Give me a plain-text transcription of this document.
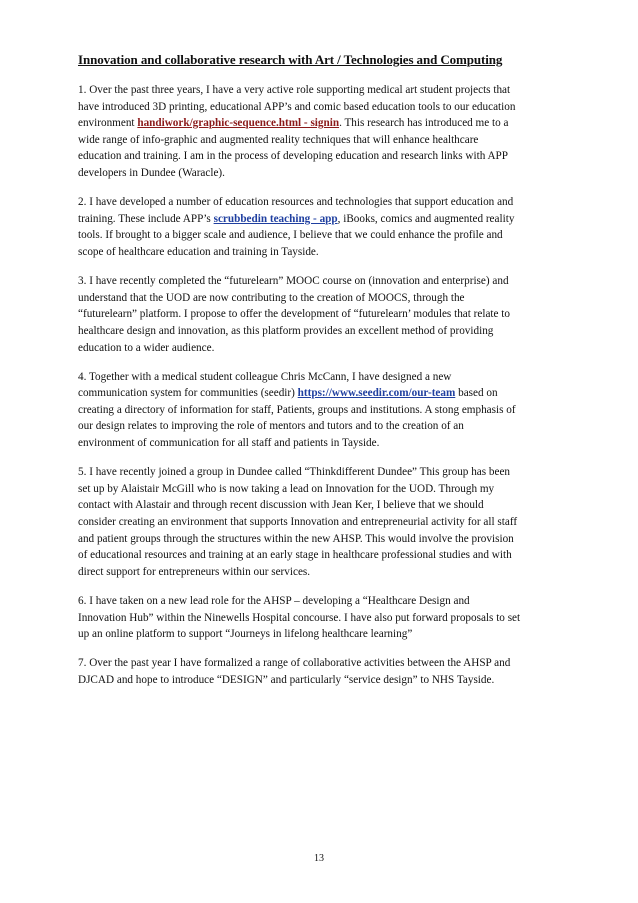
Innovation and collaborative research with Art / Technologies and Computing
1. Over the past three years, I have a very active role supporting medical art student projects that
have introduced 3D printing, educational APP’s and comic based education tools to our education
environment handiwork/graphic-sequence.html - signin. This research has introduced me to a
wide range of info-graphic and augmented reality techniques that will enhance healthcare
education and training. I am in the process of developing education and research links with APP
developers in Dundee (Waracle).
2. I have developed a number of education resources and technologies that support education and
training. These include APP’s scrubbedin teaching - app, iBooks, comics and augmented reality
tools. If brought to a bigger scale and audience, I believe that we could enhance the profile and
scope of healthcare education and training in Tayside.
3. I have recently completed the “futurelearn” MOOC course on (innovation and enterprise) and
understand that the UOD are now contributing to the creation of MOOCS, through the
“futurelearn” platform. I propose to offer the development of “futurelearn’ modules that relate to
healthcare design and innovation, as this platform provides an excellent method of providing
education to a wider audience.
4. Together with a medical student colleague Chris McCann, I have designed a new
communication system for communities (seedir) https://www.seedir.com/our-team based on
creating a directory of information for staff, Patients, groups and institutions. A stong emphasis of
our design relates to improving the role of mentors and tutors and to the creation of an
environment of communication for all staff and patients in Tayside.
5. I have recently joined a group in Dundee called “Thinkdifferent Dundee” This group has been
set up by Alaistair McGill who is now taking a lead on Innovation for the UOD. Through my
contact with Alastair and through recent discussion with Jean Ker, I believe that we should
consider creating an environment that supports Innovation and entrepreneurial activity for all staff
and patient groups through the structures within the new AHSP. This would involve the provision
of educational resources and training at an early stage in healthcare professional studies and with
direct support for entrepreneurs within our services.
6. I have taken on a new lead role for the AHSP – developing a “Healthcare Design and
Innovation Hub” within the Ninewells Hospital concourse. I have also put forward proposals to set
up an online platform to support “Journeys in lifelong healthcare learning”
7. Over the past year I have formalized a range of collaborative activities between the AHSP and
DJCAD and hope to introduce “DESIGN” and particularly “service design” to NHS Tayside.
13
